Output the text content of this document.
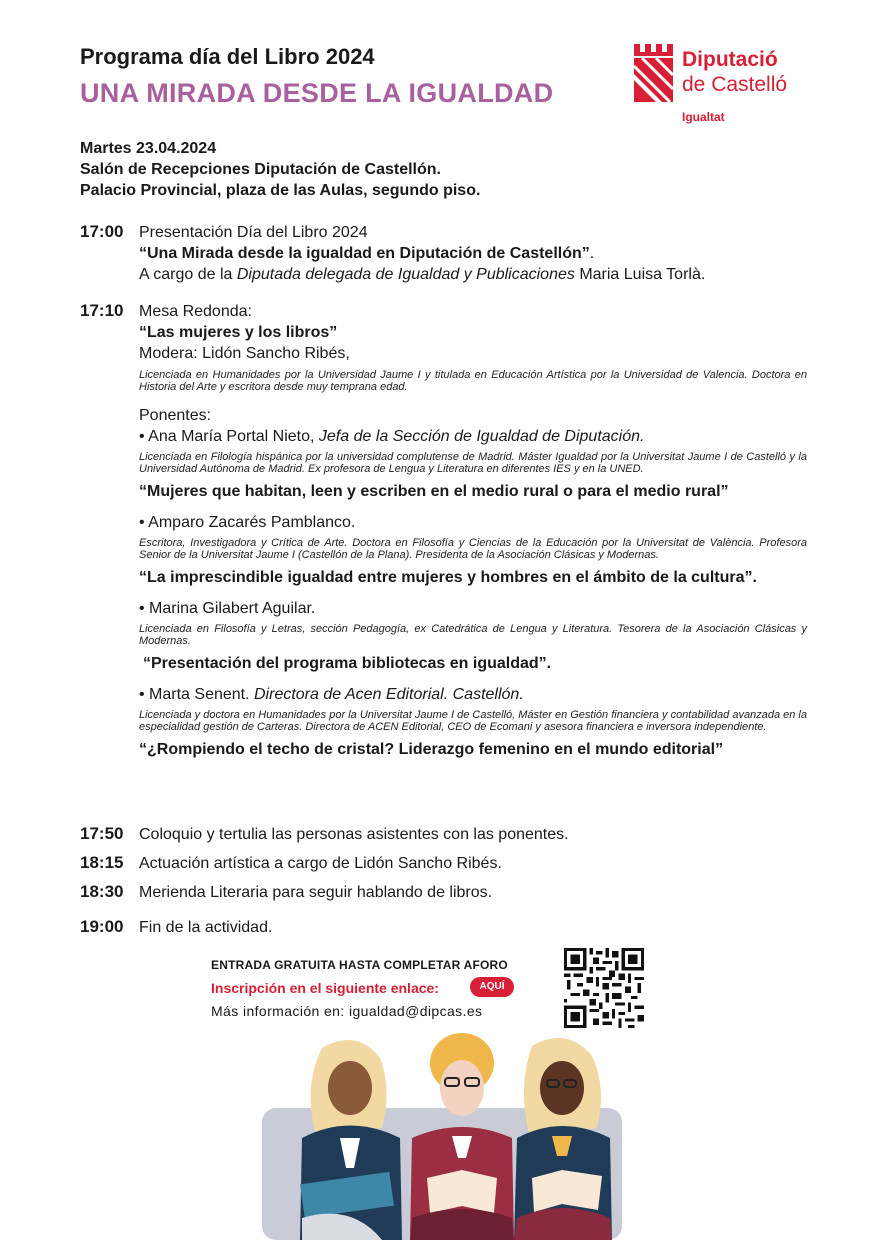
Programa día del Libro 2024
UNA MIRADA DESDE LA IGUALDAD
Diputació
de Castelló
Igualtat
Martes 23.04.2024
Salón de Recepciones Diputación de Castellón.
Palacio Provincial, plaza de las Aulas, segundo piso.
17:00 Presentación Día del Libro 2024
“Una Mirada desde la igualdad en Diputación de Castellón”.
A cargo de la Diputada delegada de Igualdad y Publicaciones Maria Luisa Torlà.
17:10 Mesa Redonda:
“Las mujeres y los libros”
Modera: Lidón Sancho Ribés,
Licenciada en Humanidades por la Universidad Jaume I y titulada en Educación Artística por la Universidad de Valencia. Doctora en Historia del Arte y escritora desde muy temprana edad.
Ponentes:
• Ana María Portal Nieto, Jefa de la Sección de Igualdad de Diputación.
Licenciada en Filología hispánica por la universidad complutense de Madrid. Máster Igualdad por la Universitat Jaume I de Castelló y la Universidad Autónoma de Madrid. Ex profesora de Lengua y Literatura en diferentes IES y en la UNED.
“Mujeres que habitan, leen y escriben en el medio rural o para el medio rural”
• Amparo Zacarés Pamblanco.
Escritora, Investigadora y Crítica de Arte. Doctora en Filosofía y Ciencias de la Educación por la Universitat de València. Profesora Senior de la Universitat Jaume I (Castellón de la Plana). Presidenta de la Asociación Clásicas y Modernas.
“La imprescindible igualdad entre mujeres y hombres en el ámbito de la cultura”.
• Marina Gilabert Aguilar.
Licenciada en Filosofía y Letras, sección Pedagogía, ex Catedrática de Lengua y Literatura. Tesorera de la Asociación Clásicas y Modernas.
“Presentación del programa bibliotecas en igualdad”.
• Marta Senent. Directora de Acen Editorial. Castellón.
Licenciada y doctora en Humanidades por la Universitat Jaume I de Castelló, Máster en Gestión financiera y contabilidad avanzada en la especialidad gestión de Carteras. Directora de ACEN Editorial, CEO de Ecomani y asesora financiera e inversora independiente.
“¿Rompiendo el techo de cristal? Liderazgo femenino en el mundo editorial”
17:50 Coloquio y tertulia las personas asistentes con las ponentes.
18:15 Actuación artística a cargo de Lidón Sancho Ribés.
18:30 Merienda Literaria para seguir hablando de libros.
19:00 Fin de la actividad.
ENTRADA GRATUITA HASTA COMPLETAR AFORO
Inscripción en el siguiente enlace:	AQUÍ
Más información en: igualdad@dipcas.es
